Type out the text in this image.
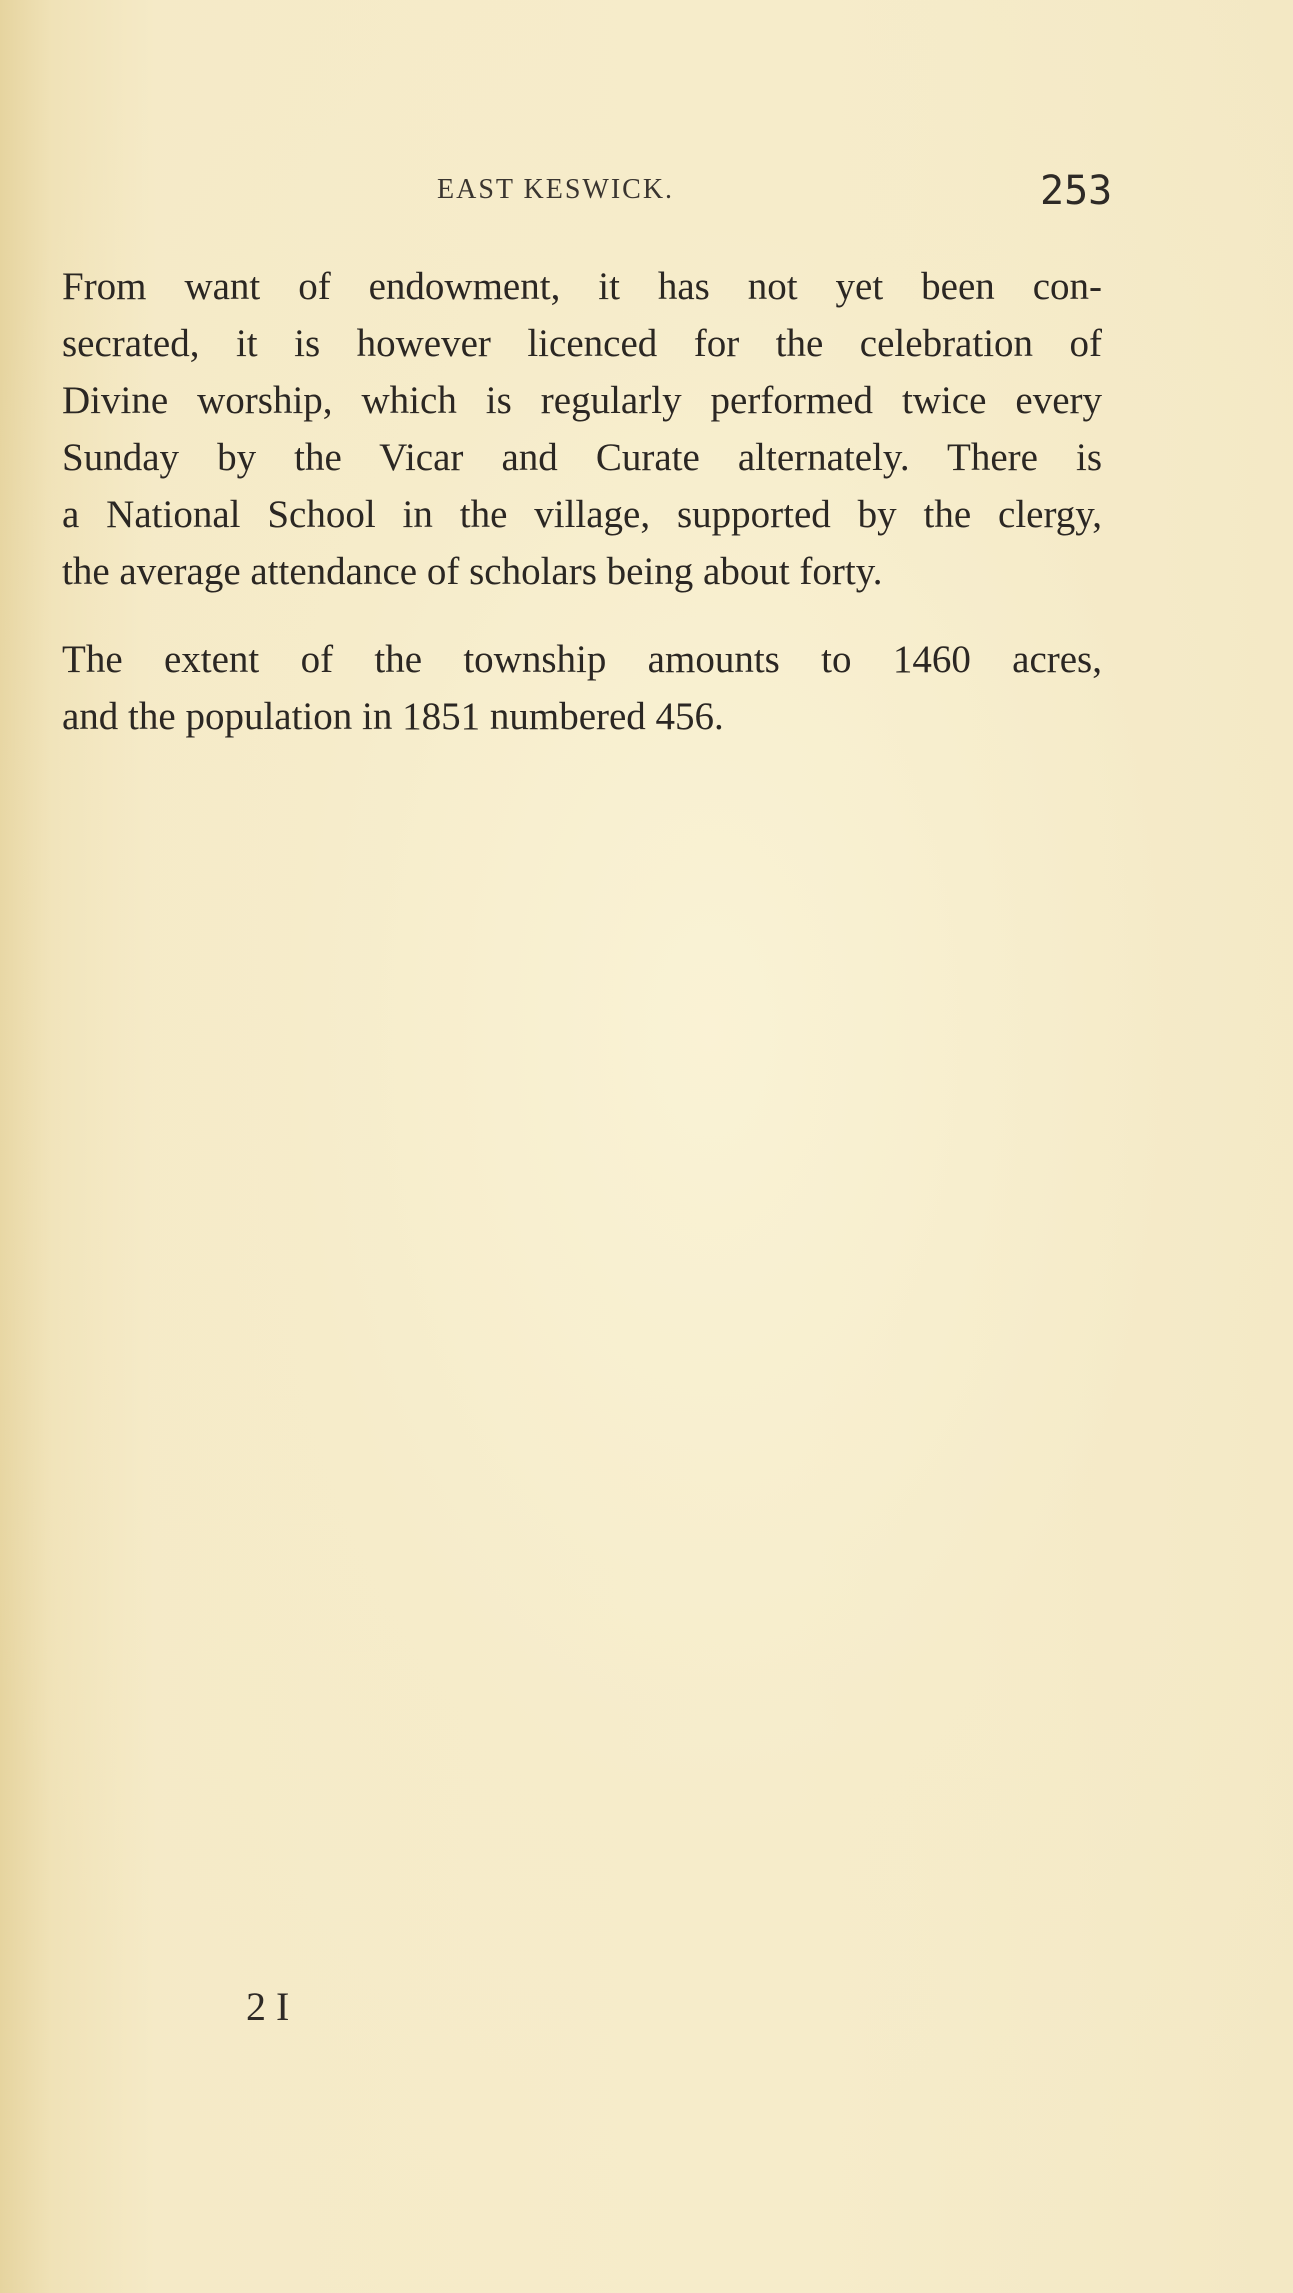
EAST KESWICK.	253
From want of endowment, it has not yet been con-
secrated, it is however licenced for the celebration of
Divine worship, which is regularly performed twice every
Sunday by the Vicar and Curate alternately. There is
a National School in the village, supported by the clergy,
the average attendance of scholars being about forty.
The extent of the township amounts to 1460 acres,
and the population in 1851 numbered 456.
2 I
